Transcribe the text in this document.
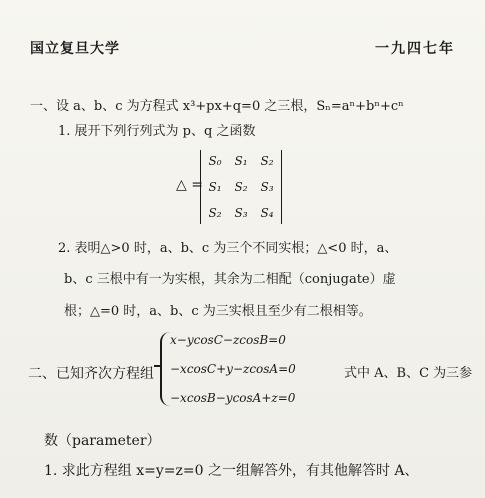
国立复旦大学	一九四七年
一、设 a、b、c 为方程式 x³+px+q=0 之三根，Sₙ=aⁿ+bⁿ+cⁿ
1. 展开下列行列式为 p、q 之函数
△ =
S₀	S₁	S₂
S₁	S₂	S₃
S₂	S₃	S₄
2. 表明△>0 时，a、b、c 为三个不同实根；△<0 时，a、
b、c 三根中有一为实根，其余为二相配（conjugate）虚
根；△=0 时，a、b、c 为三实根且至少有二根相等。
二、已知齐次方程组
x−ycosC−zcosB=0
−xcosC+y−zcosA=0	式中 A、B、C 为三参
−xcosB−ycosA+z=0
数（parameter）
1. 求此方程组 x=y=z=0 之一组解答外，有其他解答时 A、
